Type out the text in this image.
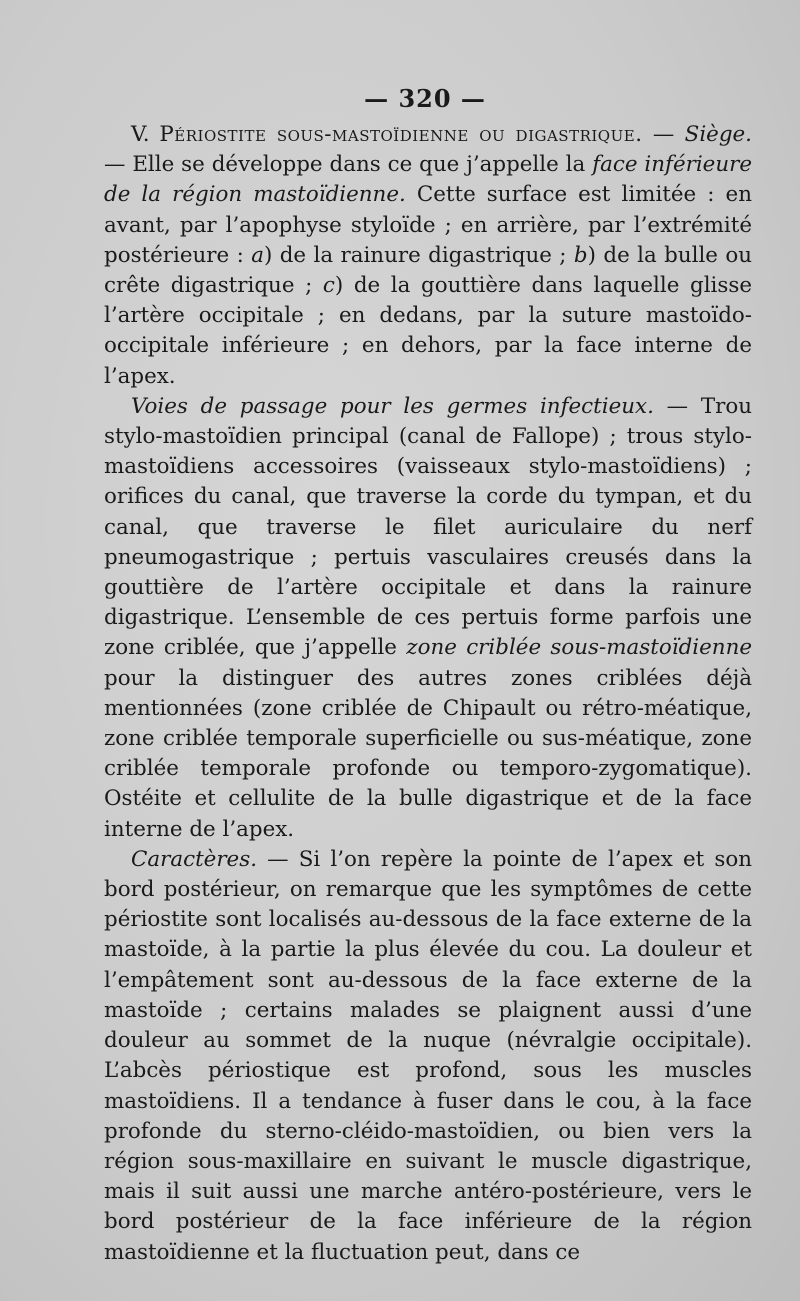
— 320 —

V. Périostite sous-mastoïdienne ou digastrique. — Siège. — Elle se développe dans ce que j’appelle la face inférieure de la région mastoïdienne. Cette surface est limitée : en avant, par l’apophyse styloïde ; en arrière, par l’extrémité postérieure : a) de la rainure digastrique ; b) de la bulle ou crête digastrique ; c) de la gouttière dans laquelle glisse l’artère occipitale ; en dedans, par la suture mastoïdo-occipitale inférieure ; en dehors, par la face interne de l’apex.

Voies de passage pour les germes infectieux. — Trou stylo-mastoïdien principal (canal de Fallope) ; trous stylo-mastoïdiens accessoires (vaisseaux stylo-mastoïdiens) ; orifices du canal, que traverse la corde du tympan, et du canal, que traverse le filet auriculaire du nerf pneumogastrique ; pertuis vasculaires creusés dans la gouttière de l’artère occipitale et dans la rainure digastrique. L’ensemble de ces pertuis forme parfois une zone criblée, que j’appelle zone criblée sous-mastoïdienne pour la distinguer des autres zones criblées déjà mentionnées (zone criblée de Chipault ou rétro-méatique, zone criblée temporale superficielle ou sus-méatique, zone criblée temporale profonde ou temporo-zygomatique). Ostéite et cellulite de la bulle digastrique et de la face interne de l’apex.

Caractères. — Si l’on repère la pointe de l’apex et son bord postérieur, on remarque que les symptômes de cette périostite sont localisés au-dessous de la face externe de la mastoïde, à la partie la plus élevée du cou. La douleur et l’empâtement sont au-dessous de la face externe de la mastoïde ; certains malades se plaignent aussi d’une douleur au sommet de la nuque (névralgie occipitale). L’abcès périostique est profond, sous les muscles mastoïdiens. Il a tendance à fuser dans le cou, à la face profonde du sterno-cléido-mastoïdien, ou bien vers la région sous-maxillaire en suivant le muscle digastrique, mais il suit aussi une marche antéro-postérieure, vers le bord postérieur de la face inférieure de la région mastoïdienne et la fluctuation peut, dans ce
